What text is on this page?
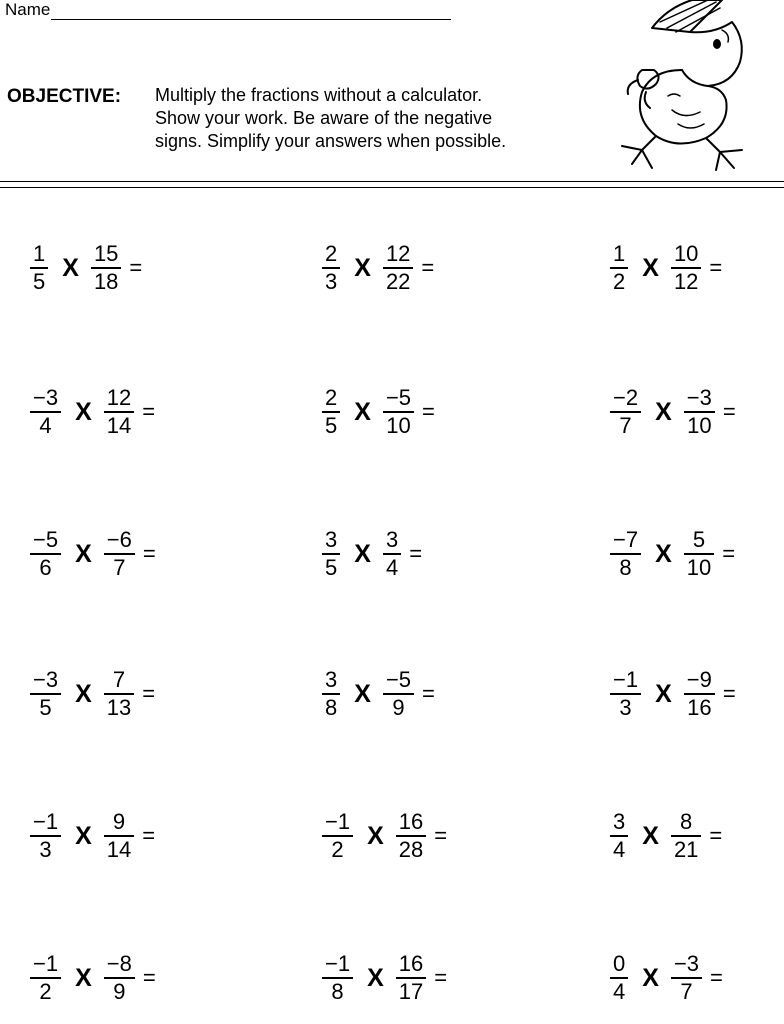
Name
OBJECTIVE:	Multiply the fractions without a calculator.
Show your work. Be aware of the negative
signs. Simplify your answers when possible.
$\frac{1}{5}$ X $\frac{15}{18}$ =	$\frac{2}{3}$ X $\frac{12}{22}$ =	$\frac{1}{2}$ X $\frac{10}{12}$ =
$\frac{-3}{4}$ X $\frac{12}{14}$ =	$\frac{2}{5}$ X $\frac{-5}{10}$ =	$\frac{-2}{7}$ X $\frac{-3}{10}$ =
$\frac{-5}{6}$ X $\frac{-6}{7}$ =	$\frac{3}{5}$ X $\frac{3}{4}$ =	$\frac{-7}{8}$ X $\frac{5}{10}$ =
$\frac{-3}{5}$ X $\frac{7}{13}$ =	$\frac{3}{8}$ X $\frac{-5}{9}$ =	$\frac{-1}{3}$ X $\frac{-9}{16}$ =
$\frac{-1}{3}$ X $\frac{9}{14}$ =	$\frac{-1}{2}$ X $\frac{16}{28}$ =	$\frac{3}{4}$ X $\frac{8}{21}$ =
$\frac{-1}{2}$ X $\frac{-8}{9}$ =	$\frac{-1}{8}$ X $\frac{16}{17}$ =	$\frac{0}{4}$ X $\frac{-3}{7}$ =
